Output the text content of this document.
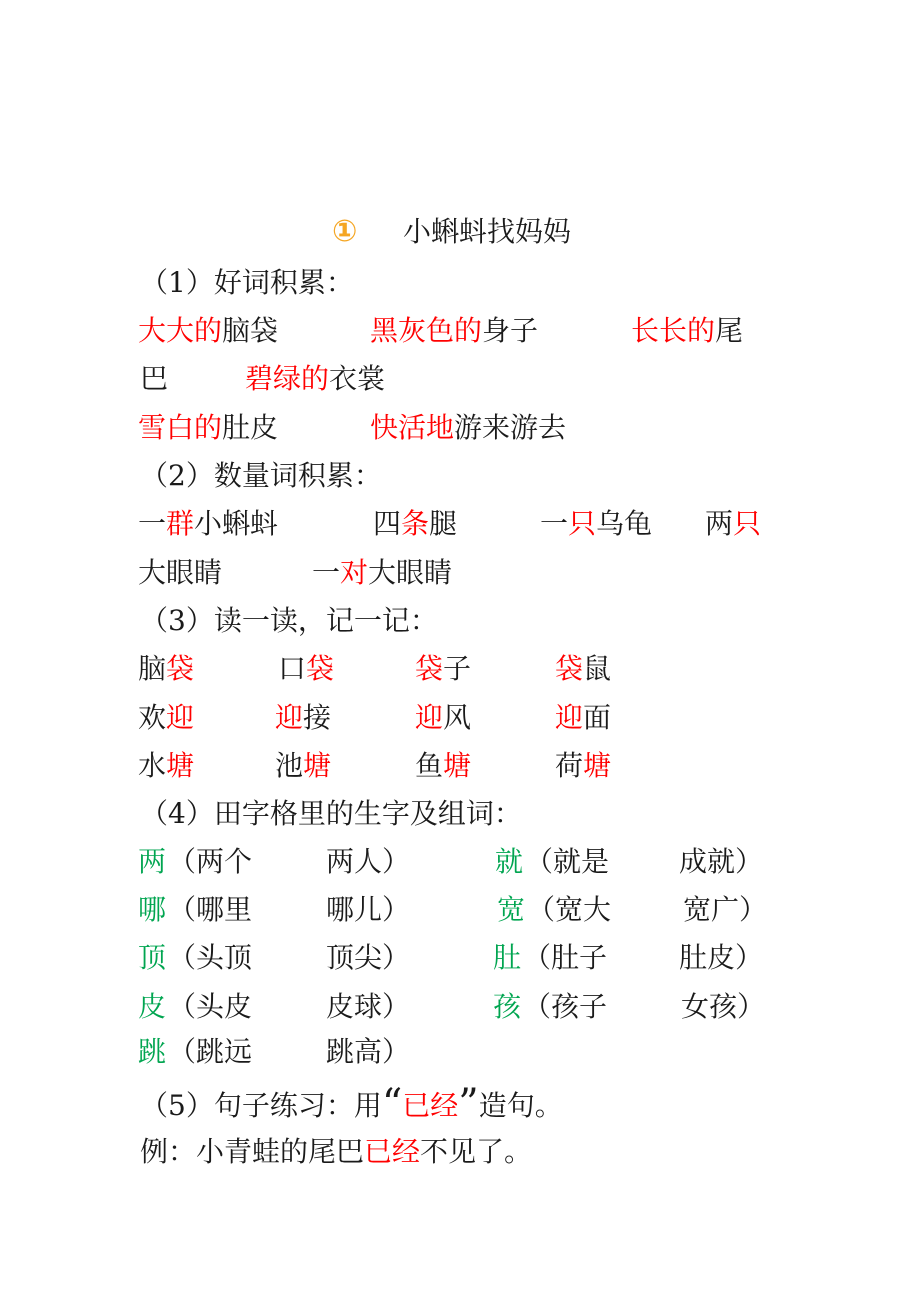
① 小蝌蚪找妈妈
（1）好词积累：
大大的脑袋	黑灰色的身子	长长的尾
巴	碧绿的衣裳
雪白的肚皮	快活地游来游去
（2）数量词积累：
一群小蝌蚪	四条腿	一只乌龟 两只
大眼睛	一对大眼睛
（3）读一读，记一记：
脑袋	口袋	袋子	袋鼠
欢迎	迎接	迎风	迎面
水塘	池塘	鱼塘	荷塘
（4）田字格里的生字及组词：
两 （两个	两人）	就 （就是 成就）
哪 （哪里	哪儿）	宽 （宽大	宽广）
顶 （头顶	顶尖）	肚 （肚子	肚皮）
皮 （头皮	皮球）	孩 （孩子	女孩）
跳 （跳远	跳高）
（5）句子练习：用“已经”造句。
例：小青蛙的尾巴已经不见了。
